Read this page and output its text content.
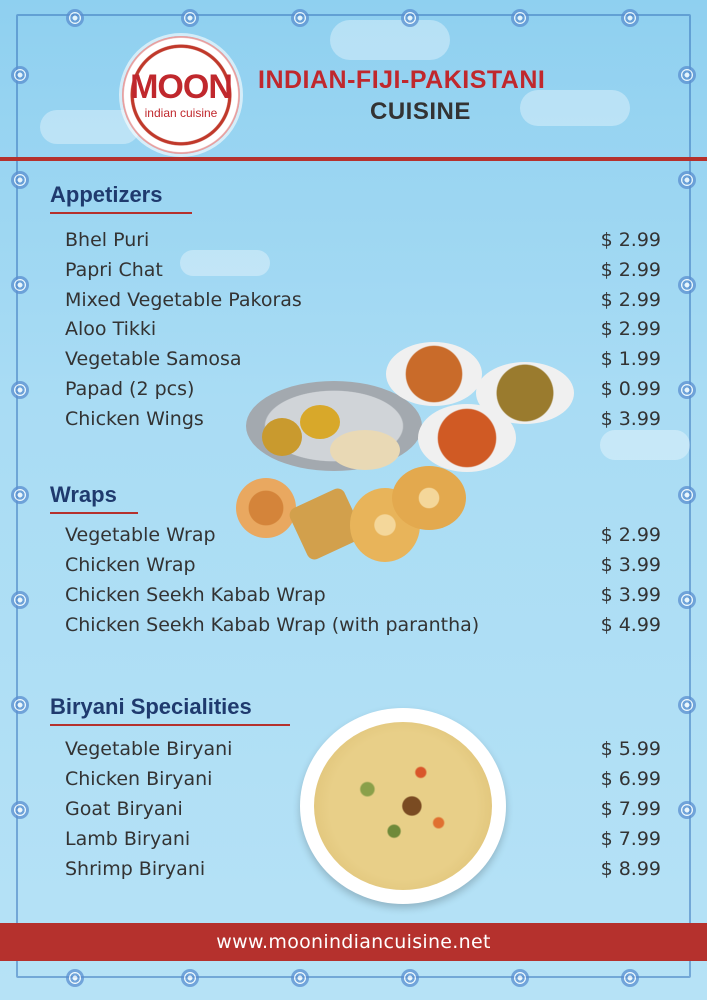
MOON
indian cuisine
INDIAN-FIJI-PAKISTANI
CUISINE
Appetizers
Bhel Puri	$ 2.99
Papri Chat	$ 2.99
Mixed Vegetable Pakoras	$ 2.99
Aloo Tikki	$ 2.99
Vegetable Samosa	$ 1.99
Papad (2 pcs)	$ 0.99
Chicken Wings	$ 3.99
Wraps
Vegetable Wrap	$ 2.99
Chicken Wrap	$ 3.99
Chicken Seekh Kabab Wrap	$ 3.99
Chicken Seekh Kabab Wrap (with parantha)	$ 4.99
Biryani Specialities
Vegetable Biryani	$ 5.99
Chicken Biryani	$ 6.99
Goat Biryani	$ 7.99
Lamb Biryani	$ 7.99
Shrimp Biryani	$ 8.99
www.moonindiancuisine.net
